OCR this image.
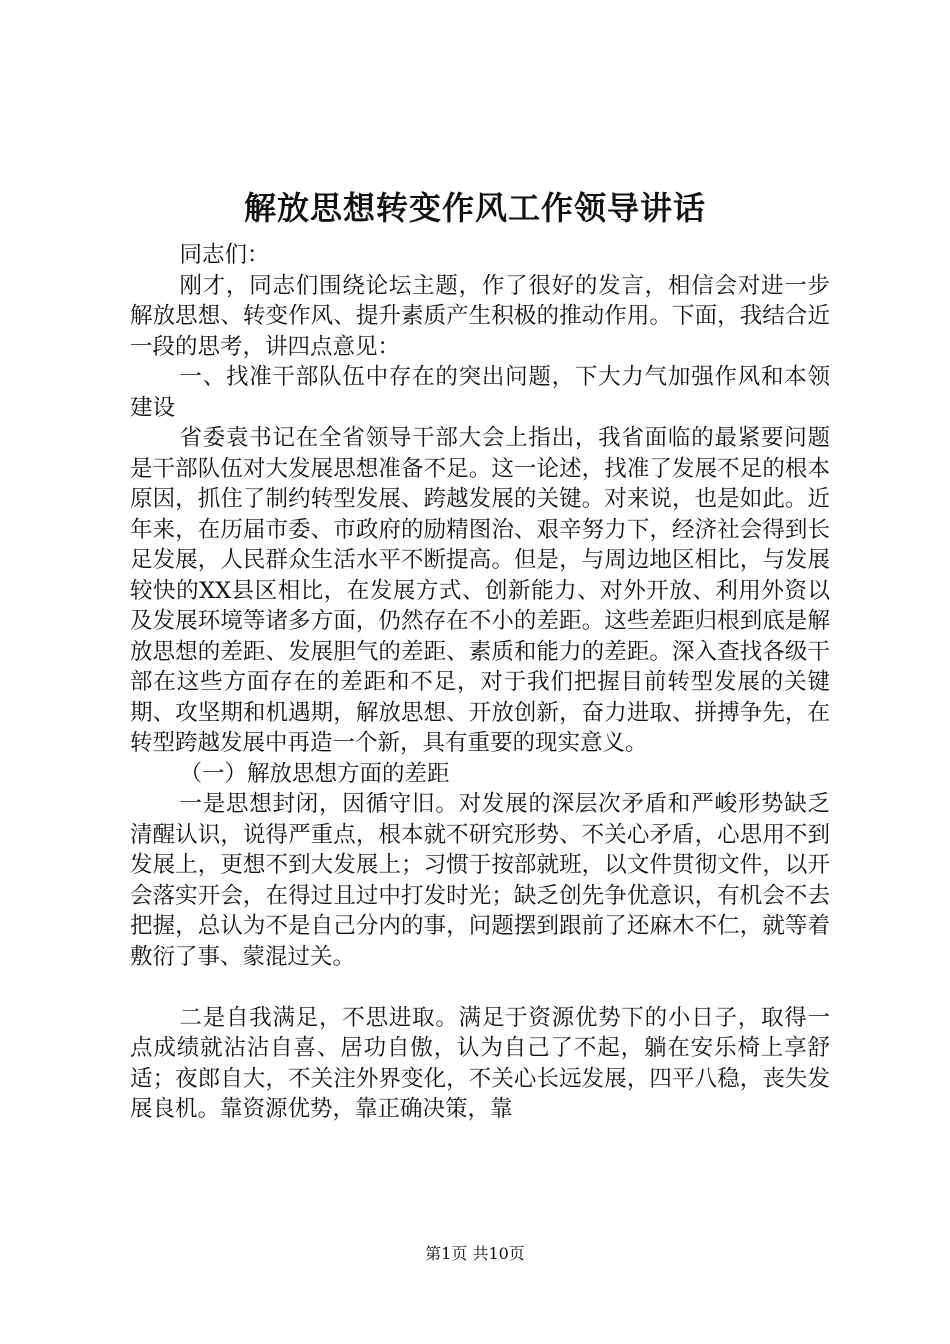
解放思想转变作风工作领导讲话

同志们：

刚才，同志们围绕论坛主题，作了很好的发言，相信会对进一步解放思想、转变作风、提升素质产生积极的推动作用。下面，我结合近一段的思考，讲四点意见：

一、找准干部队伍中存在的突出问题，下大力气加强作风和本领建设

省委袁书记在全省领导干部大会上指出，我省面临的最紧要问题是干部队伍对大发展思想准备不足。这一论述，找准了发展不足的根本原因，抓住了制约转型发展、跨越发展的关键。对来说，也是如此。近年来，在历届市委、市政府的励精图治、艰辛努力下，经济社会得到长足发展，人民群众生活水平不断提高。但是，与周边地区相比，与发展较快的XX县区相比，在发展方式、创新能力、对外开放、利用外资以及发展环境等诸多方面，仍然存在不小的差距。这些差距归根到底是解放思想的差距、发展胆气的差距、素质和能力的差距。深入查找各级干部在这些方面存在的差距和不足，对于我们把握目前转型发展的关键期、攻坚期和机遇期，解放思想、开放创新，奋力进取、拼搏争先，在转型跨越发展中再造一个新，具有重要的现实意义。

（一）解放思想方面的差距

一是思想封闭，因循守旧。对发展的深层次矛盾和严峻形势缺乏清醒认识，说得严重点，根本就不研究形势、不关心矛盾，心思用不到发展上，更想不到大发展上；习惯于按部就班，以文件贯彻文件，以开会落实开会，在得过且过中打发时光；缺乏创先争优意识，有机会不去把握，总认为不是自己分内的事，问题摆到跟前了还麻木不仁，就等着敷衍了事、蒙混过关。

二是自我满足，不思进取。满足于资源优势下的小日子，取得一点成绩就沾沾自喜、居功自傲，认为自己了不起，躺在安乐椅上享舒适；夜郎自大，不关注外界变化，不关心长远发展，四平八稳，丧失发展良机。靠资源优势，靠正确决策，靠

第1页 共10页
